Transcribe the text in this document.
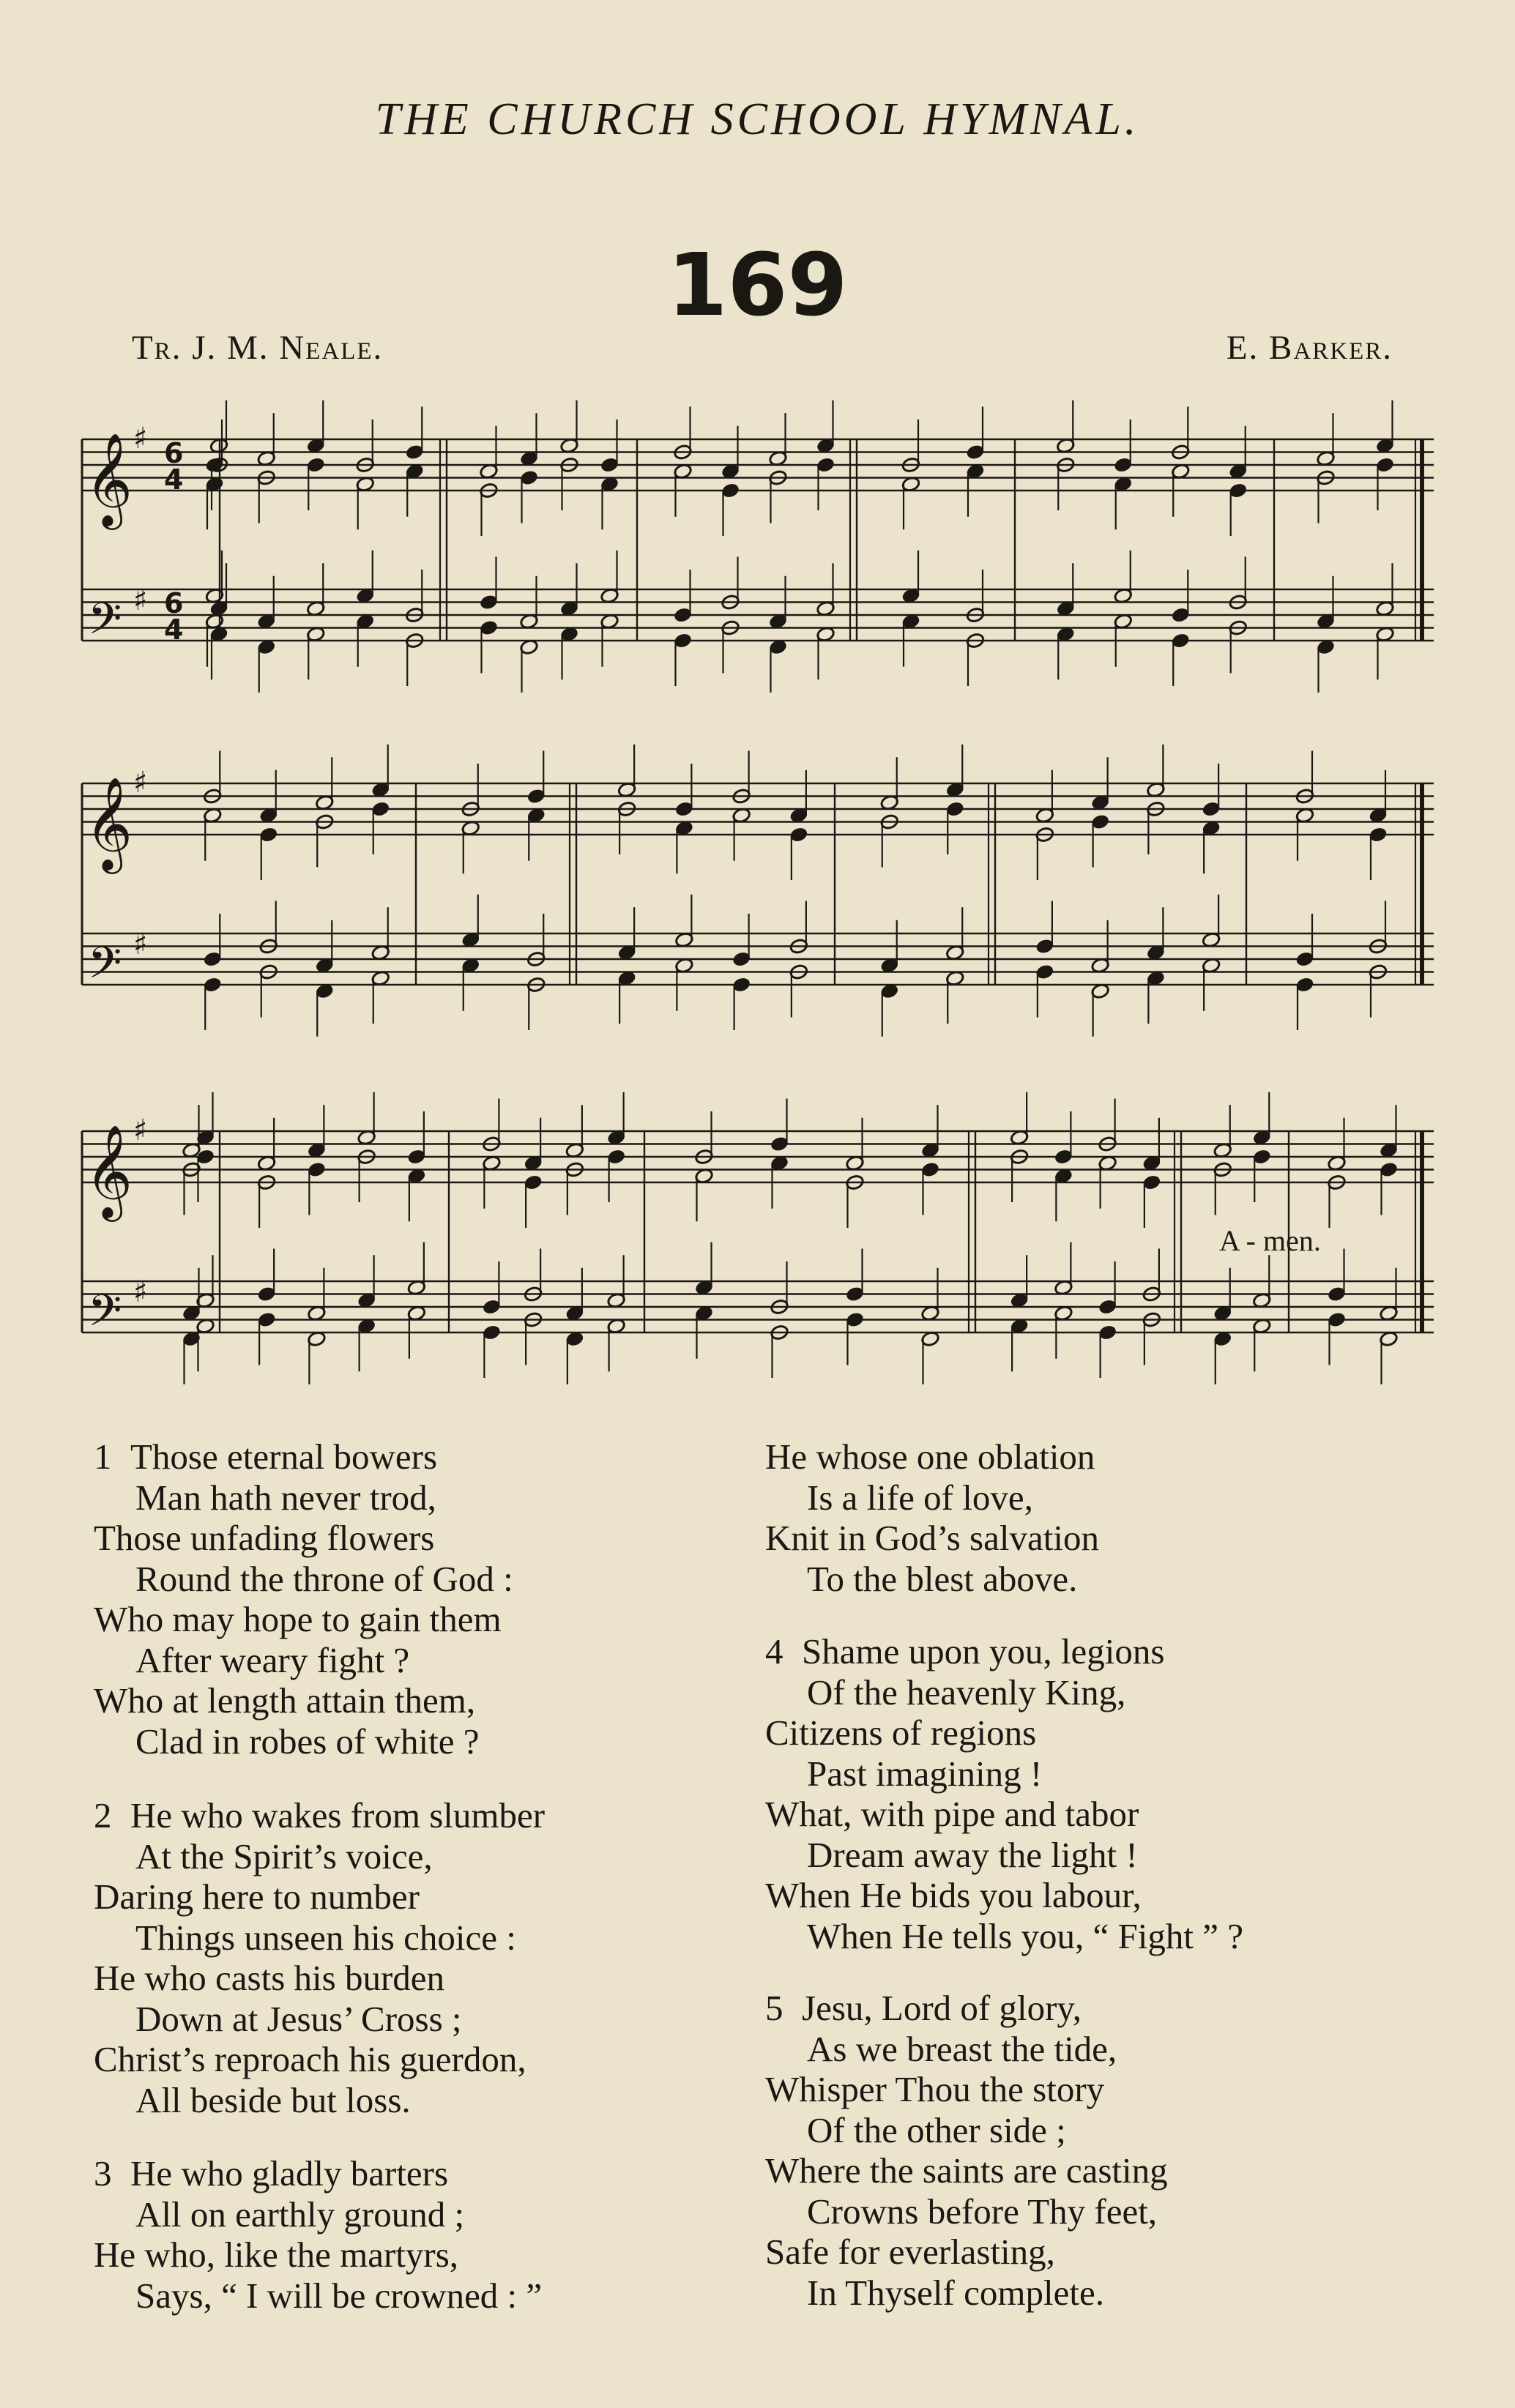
THE CHURCH SCHOOL HYMNAL.
169
Tr. J. M. Neale.	E. Barker.
𝄞
𝄢
♯
♯
6
4
6
4
𝄞
𝄢
♯
♯
𝄞
𝄢
♯
♯
A - men.
1 Those eternal bowers
Man hath never trod,
Those unfading flowers
Round the throne of God :
Who may hope to gain them
After weary fight ?
Who at length attain them,
Clad in robes of white ?
2 He who wakes from slumber
At the Spirit’s voice,
Daring here to number
Things unseen his choice :
He who casts his burden
Down at Jesus’ Cross ;
Christ’s reproach his guerdon,
All beside but loss.
3 He who gladly barters
All on earthly ground ;
He who, like the martyrs,
Says, “ I will be crowned : ”
He whose one oblation
Is a life of love,
Knit in God’s salvation
To the blest above.
4 Shame upon you, legions
Of the heavenly King,
Citizens of regions
Past imagining !
What, with pipe and tabor
Dream away the light !
When He bids you labour,
When He tells you, “ Fight ” ?
5 Jesu, Lord of glory,
As we breast the tide,
Whisper Thou the story
Of the other side ;
Where the saints are casting
Crowns before Thy feet,
Safe for everlasting,
In Thyself complete.
